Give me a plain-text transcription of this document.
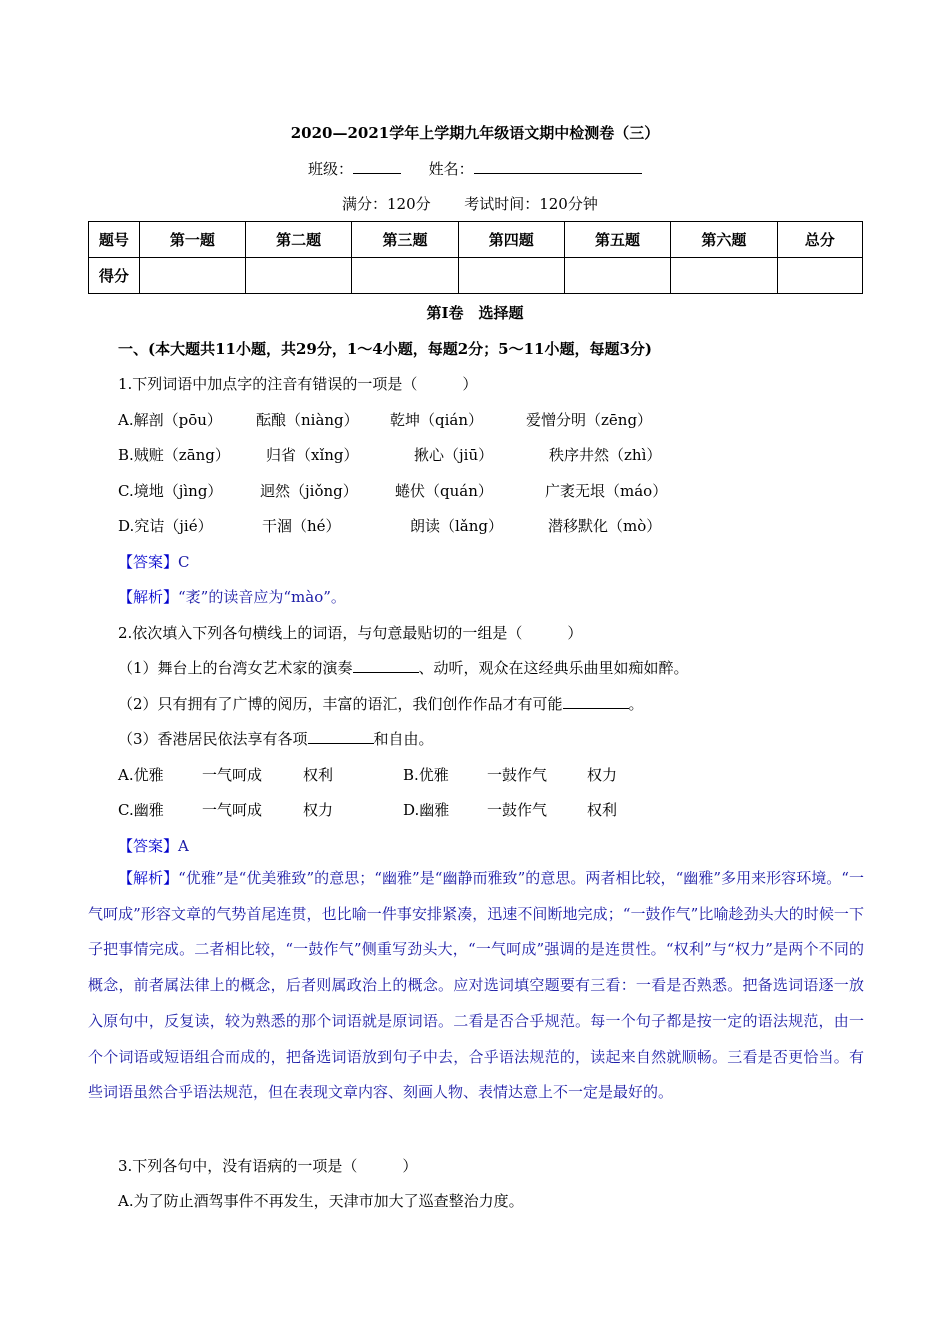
2020—2021学年上学期九年级语文期中检测卷（三）
班级：	姓名：
满分：120分 考试时间：120分钟
题号	第一题	第二题	第三题	第四题	第五题	第六题	总分
得分							
第Ⅰ卷　选择题
一、(本大题共11小题，共29分，1～4小题，每题2分；5～11小题，每题3分)
1.下列词语中加点字的注音有错误的一项是（　　　）
A.解剖（pōu） 酝酿（niàng） 乾坤（qián）	爱憎分明（zēng）
B.贼赃（zāng） 归省（xǐng）	揪心（jiū）	秩序井然（zhì）
C.境地（jìng）	迥然（jiǒng） 蜷伏（quán）	广袤无垠（máo）
D.究诘（jié）	干涸（hé）	朗读（lǎng）	潜移默化（mò）
【答案】C
【解析】“袤”的读音应为“mào”。
2.依次填入下列各句横线上的词语，与句意最贴切的一组是（　　　）
（1）舞台上的台湾女艺术家的演奏	、动听，观众在这经典乐曲里如痴如醉。
（2）只有拥有了广博的阅历，丰富的语汇，我们创作作品才有可能	。
（3）香港居民依法享有各项	和自由。
A.优雅	一气呵成	权利	B.优雅	一鼓作气	权力
C.幽雅	一气呵成	权力	D.幽雅	一鼓作气	权利
【答案】A
【解析】“优雅”是“优美雅致”的意思；“幽雅”是“幽静而雅致”的意思。两者相比较，“幽雅”多用来形容环境。“一气呵成”形容文章的气势首尾连贯，也比喻一件事安排紧凑，迅速不间断地完成；“一鼓作气”比喻趁劲头大的时候一下子把事情完成。二者相比较，“一鼓作气”侧重写劲头大，“一气呵成”强调的是连贯性。“权利”与“权力”是两个不同的概念，前者属法律上的概念，后者则属政治上的概念。应对选词填空题要有三看：一看是否熟悉。把备选词语逐一放入原句中，反复读，较为熟悉的那个词语就是原词语。二看是否合乎规范。每一个句子都是按一定的语法规范，由一个个词语或短语组合而成的，把备选词语放到句子中去，合乎语法规范的，读起来自然就顺畅。三看是否更恰当。有些词语虽然合乎语法规范，但在表现文章内容、刻画人物、表情达意上不一定是最好的。
3.下列各句中，没有语病的一项是（　　　）
A.为了防止酒驾事件不再发生，天津市加大了巡查整治力度。
